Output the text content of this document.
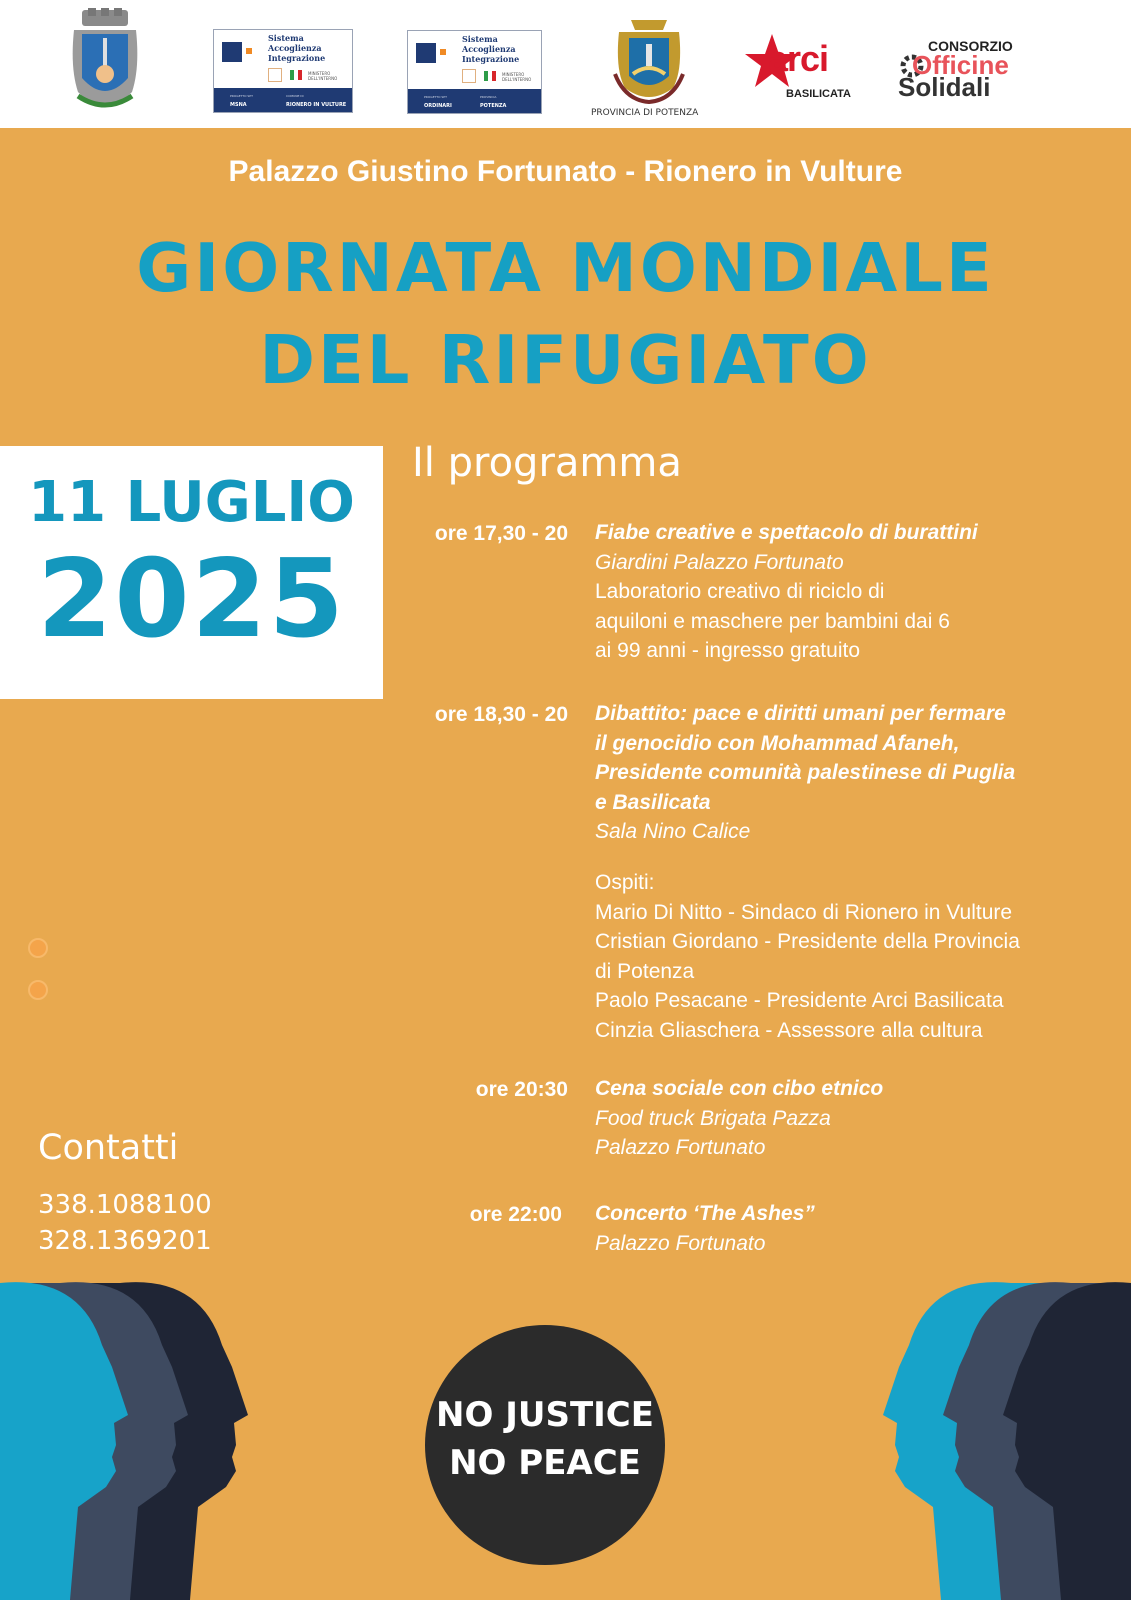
Sistema
Accoglienza
Integrazione
MINISTERO DELL'INTERNO
PROGETTO SPT	COMUNE DI
MSNA	RIONERO IN VULTURE
Sistema
Accoglienza
Integrazione
MINISTERO DELL'INTERNO
PROGETTO SPT	PROVINCIA
ORDINARI	POTENZA
PROVINCIA DI POTENZA
arci
BASILICATA
CONSORZIO
Officine
Solidali
Palazzo Giustino Fortunato - Rionero in Vulture
GIORNATA MONDIALE
DEL RIFUGIATO
11 LUGLIO
2025
Il programma
ore 17,30 - 20 Fiabe creative e spettacolo di burattini
Giardini Palazzo Fortunato
Laboratorio creativo di riciclo di
aquiloni e maschere per bambini dai 6
ai 99 anni - ingresso gratuito
ore 18,30 - 20 Dibattito: pace e diritti umani per fermare
il genocidio con Mohammad Afaneh,
Presidente comunità palestinese di Puglia
e Basilicata
Sala Nino Calice
Ospiti:
Mario Di Nitto - Sindaco di Rionero in Vulture
Cristian Giordano - Presidente della Provincia
di Potenza
Paolo Pesacane - Presidente Arci Basilicata
Cinzia Gliaschera - Assessore alla cultura
ore 20:30 Cena sociale con cibo etnico
Food truck Brigata Pazza
Palazzo Fortunato
ore 22:00 Concerto ‘The Ashes”
Palazzo Fortunato
Contatti
338.1088100
328.1369201
NO JUSTICE
NO PEACE
